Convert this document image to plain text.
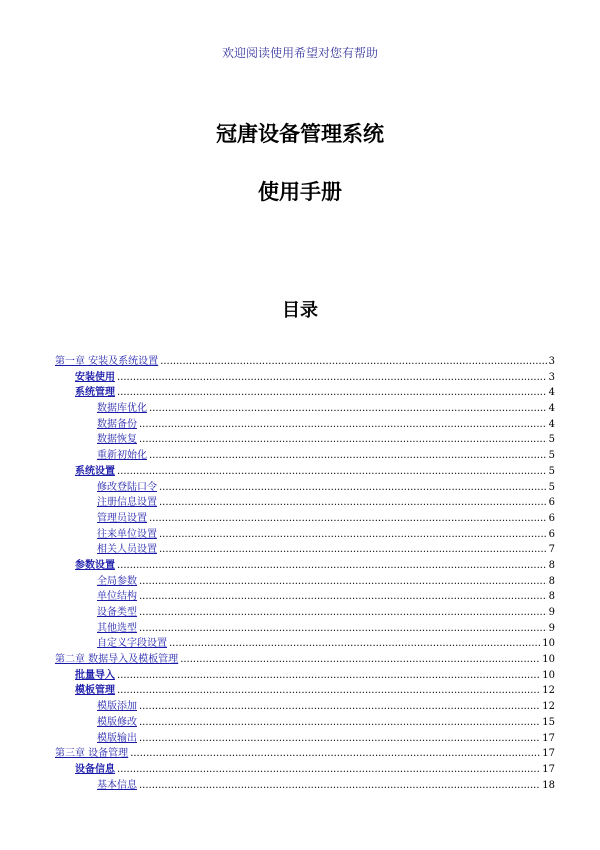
欢迎阅读使用希望对您有帮助
冠唐设备管理系统
使用手册
目录
第一章 安装及系统设置 .....	3
安装使用 .....	3
系统管理 .....	4
数据库优化 .....	4
数据备份 .....	4
数据恢复 .....	5
重新初始化 .....	5
系统设置 .....	5
修改登陆口令 .....	5
注册信息设置 .....	6
管理员设置 .....	6
往来单位设置 .....	6
相关人员设置 .....	7
参数设置 .....	8
全局参数 .....	8
单位结构 .....	8
设备类型 .....	9
其他选型 .....	9
自定义字段设置 .....	10
第二章 数据导入及模板管理 .....	10
批量导入 .....	10
模板管理 .....	12
模版添加 .....	12
模版修改 .....	15
模版输出 .....	17
第三章 设备管理 .....	17
设备信息 .....	17
基本信息 .....	18
